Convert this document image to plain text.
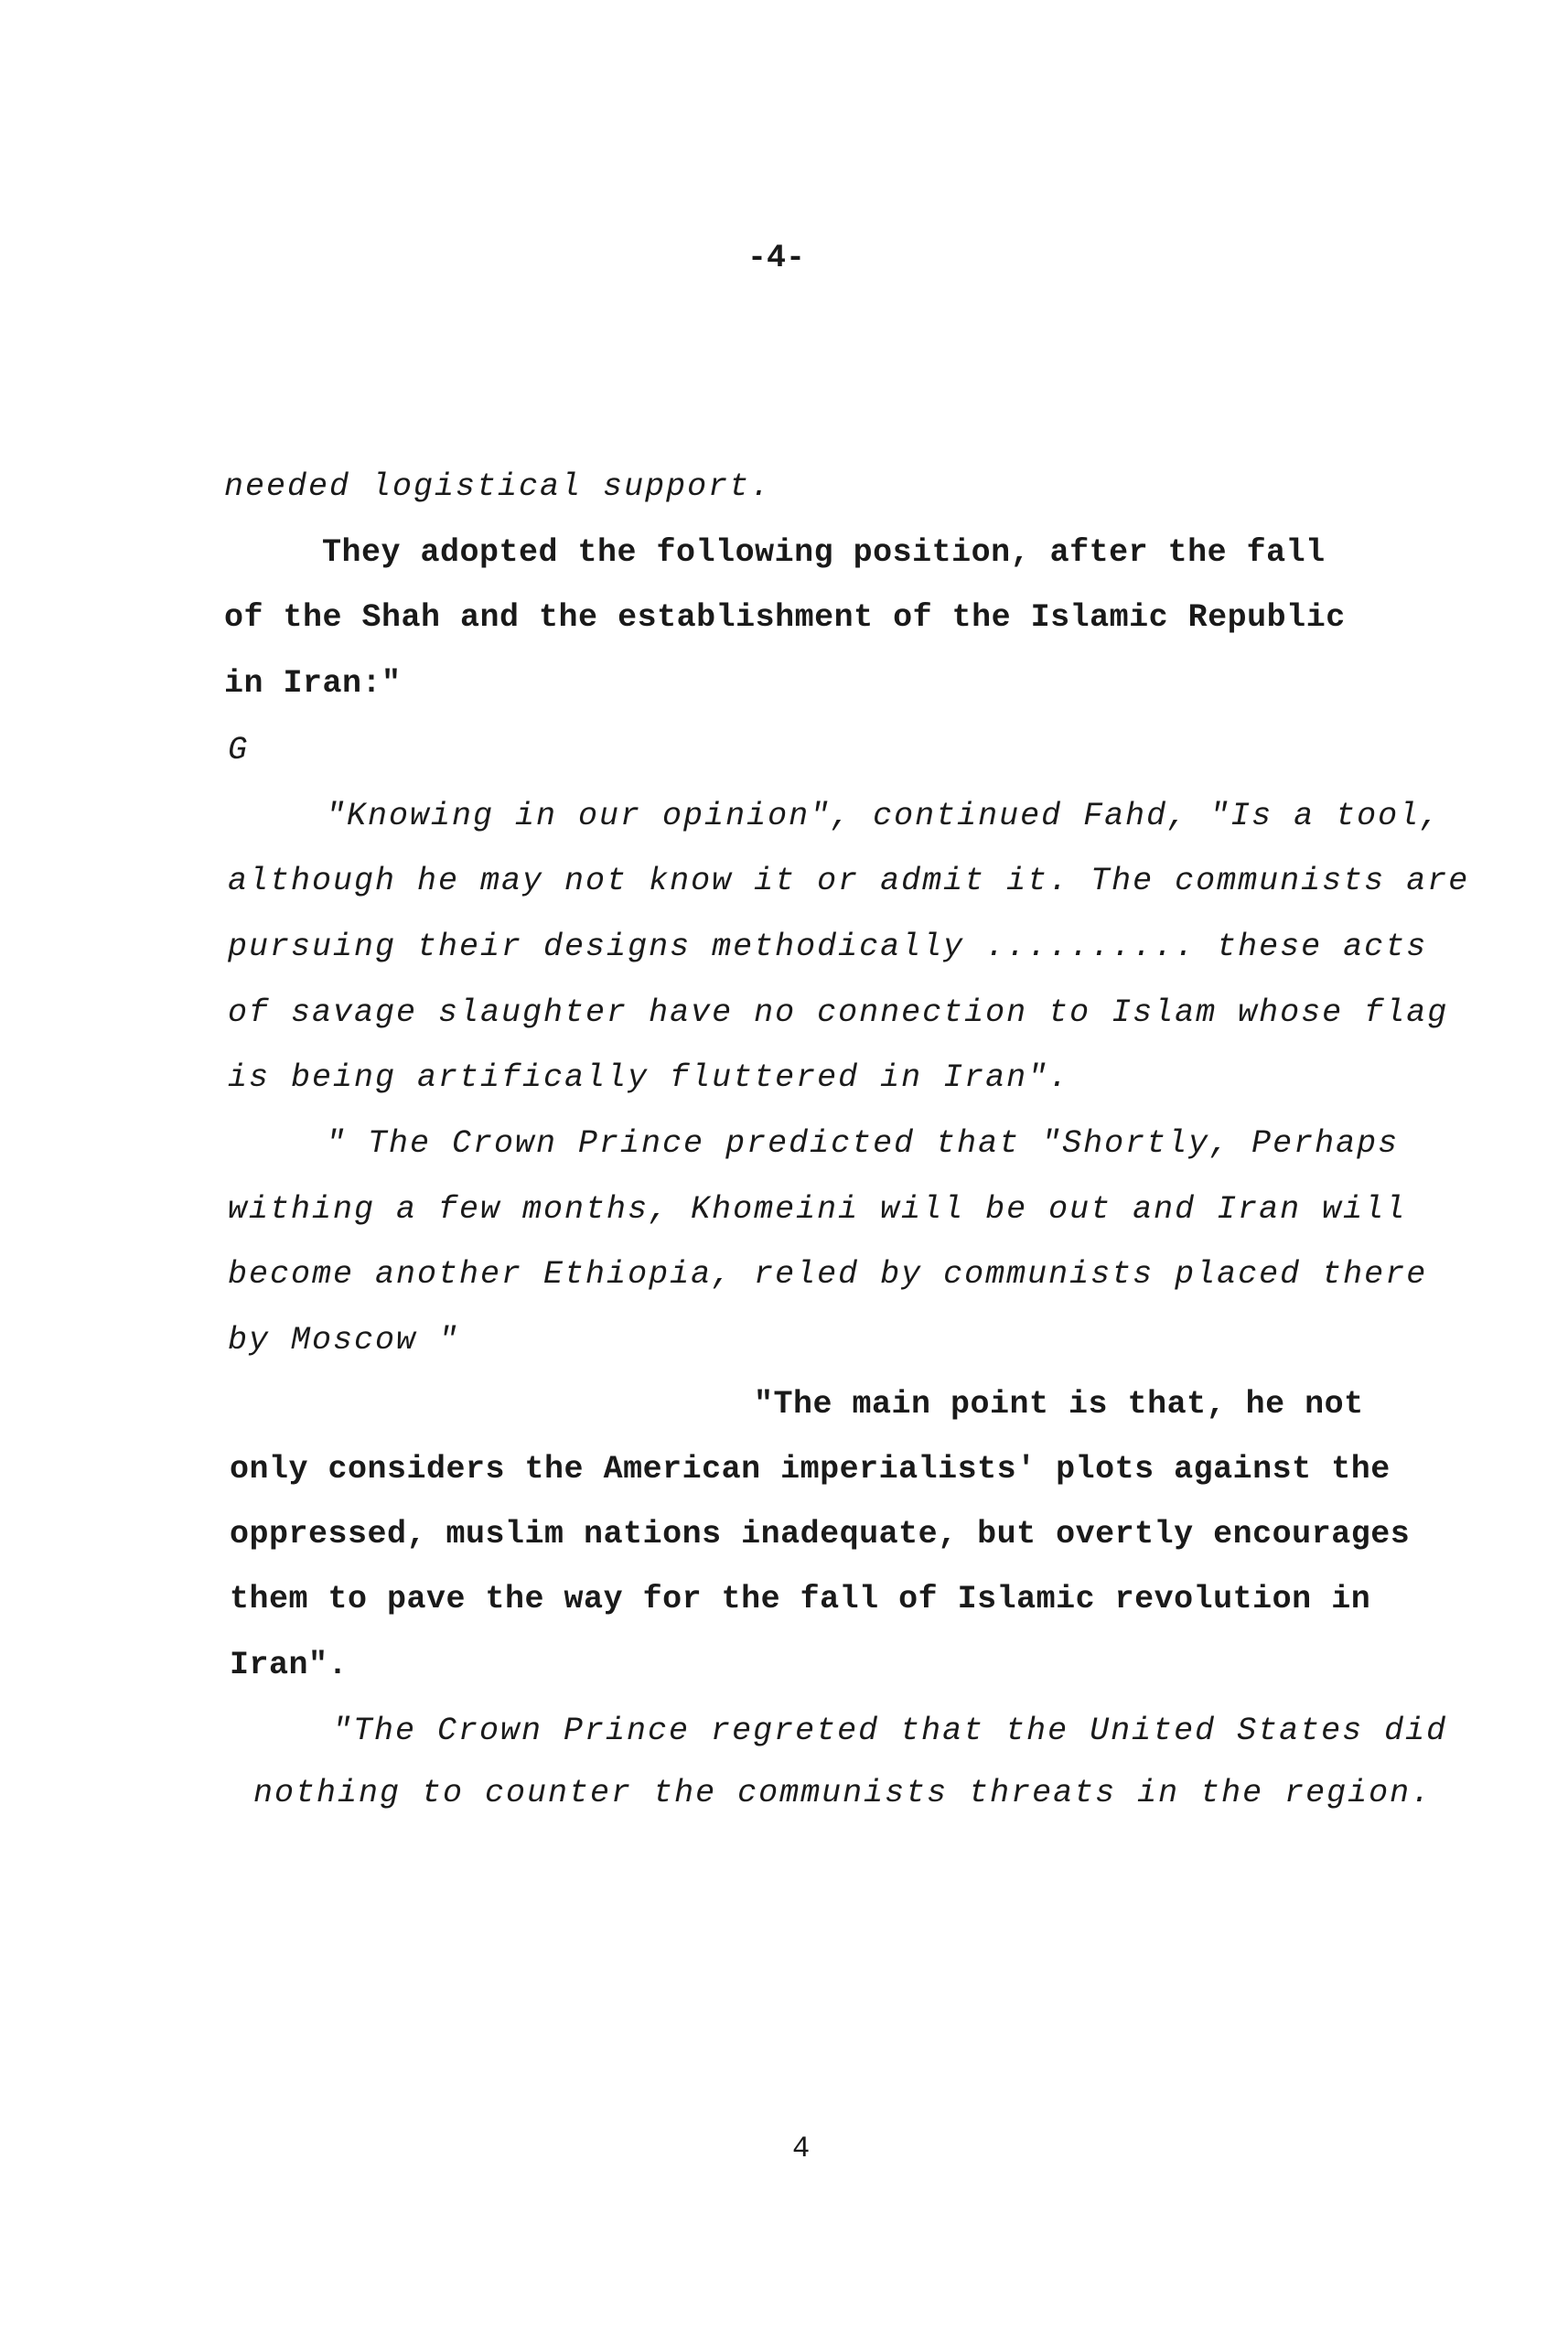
-4-
needed logistical support.
They adopted the following position, after the fall
of the Shah and the establishment of the Islamic Republic
in Iran:"
G
"Knowing in our opinion", continued Fahd, "Is a tool,
although he may not know it or admit it. The communists are
pursuing their designs methodically .......... these acts
of savage slaughter have no connection to Islam whose flag
is being artifically fluttered in Iran".
" The Crown Prince predicted that "Shortly, Perhaps
withing a few months, Khomeini will be out and Iran will
become another Ethiopia, reled by communists placed there
by Moscow "
"The main point is that, he not
only considers the American imperialists' plots against the
oppressed, muslim nations inadequate, but overtly encourages
them to pave the way for the fall of Islamic revolution in
Iran".
"The Crown Prince regreted that the United States did
nothing to counter the communists threats in the region.
4
